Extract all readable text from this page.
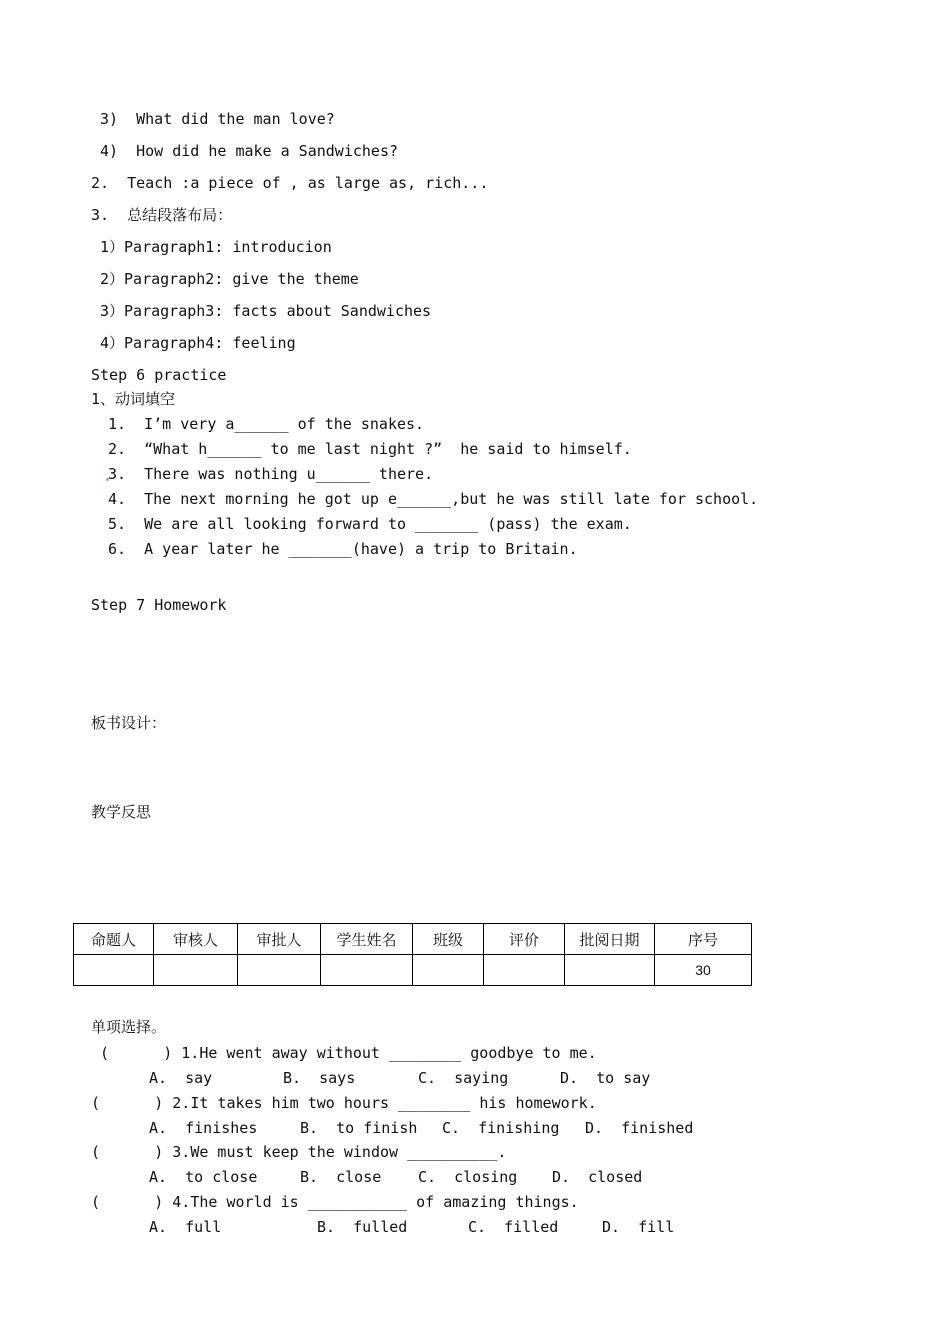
3)  What did the man love?
4)  How did he make a Sandwiches?
2.  Teach :a piece of , as large as, rich...
3.  总结段落布局：
1）Paragraph1: introducion
2）Paragraph2: give the theme
3）Paragraph3: facts about Sandwiches
4）Paragraph4: feeling
Step 6 practice
1、动词填空
1.  I’m very a______ of the snakes.
2.  “What h______ to me last night ?”  he said to himself.
3.  There was nothing u______ there.
4.  The next morning he got up e______,but he was still late for school.
5.  We are all looking forward to _______ (pass) the exam.
6.  A year later he _______(have) a trip to Britain.
Step 7 Homework
板书设计：
教学反思
命题人	审核人	审批人	学生姓名	班级	评价	批阅日期	序号
							30
单项选择。
(      ) 1.He went away without ________ goodbye to me.
A.  say	B.  says	C.  saying	D.  to say
(      ) 2.It takes him two hours ________ his homework.
A.  finishes	B.  to finish C.  finishing D.  finished
(      ) 3.We must keep the window __________.
A.  to close	B.  close C.  closing D.  closed
(      ) 4.The world is ___________ of amazing things.
A.  full	B.  fulled	C.  filled	D.  fill
